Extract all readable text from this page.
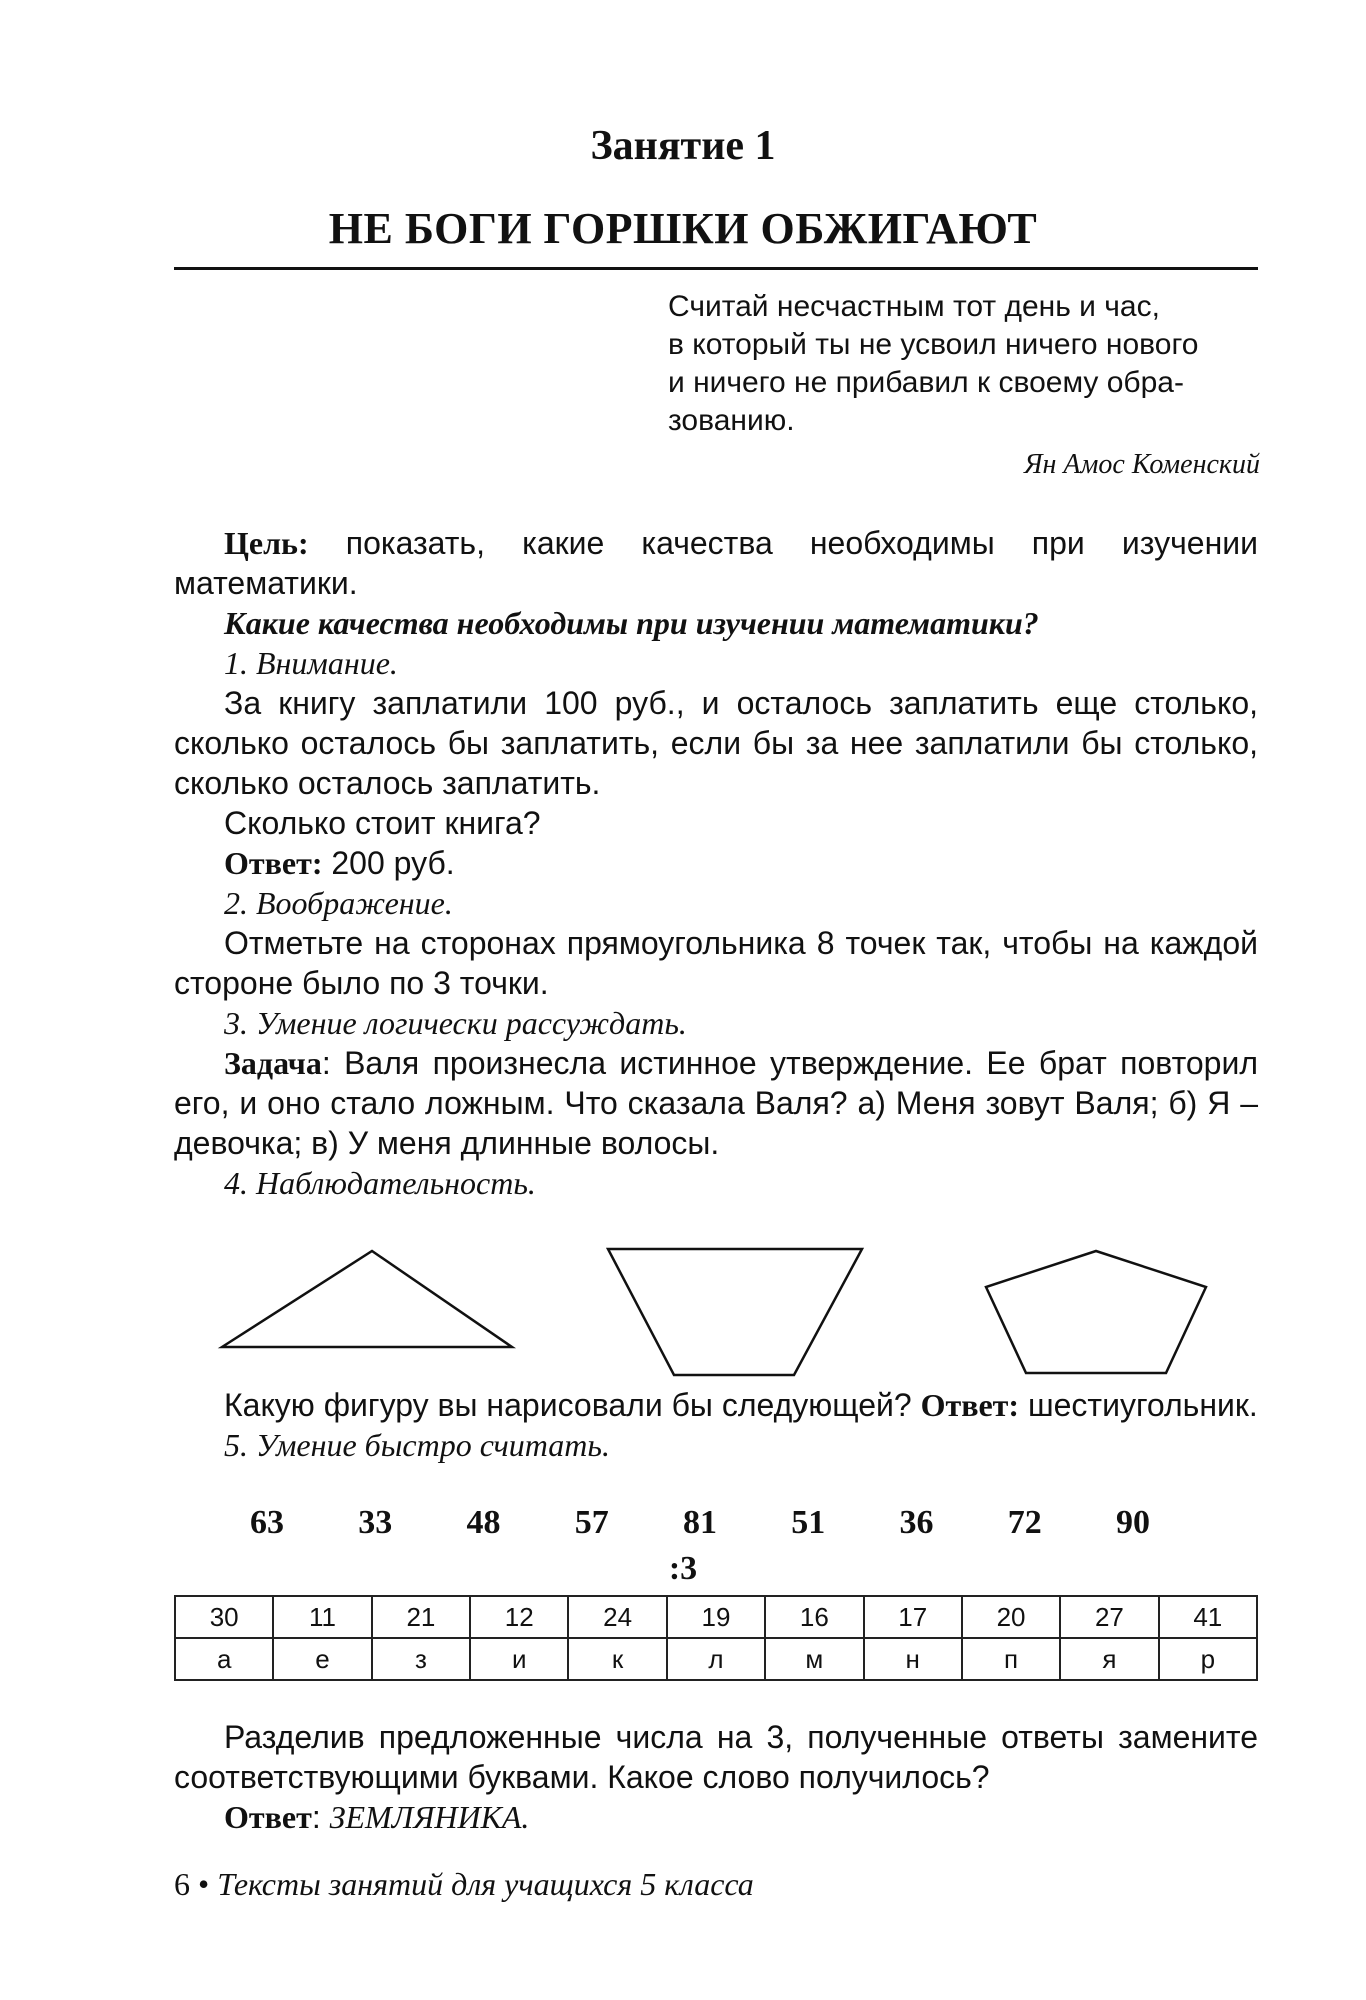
Занятие 1
НЕ БОГИ ГОРШКИ ОБЖИГАЮТ
Считай несчастным тот день и час,
в который ты не усвоил ничего нового
и ничего не прибавил к своему обра-
зованию.
Ян Амос Коменский

Цель: показать, какие качества необходимы при изучении математики.

Какие качества необходимы при изучении математики?

1. Внимание.

За книгу заплатили 100 руб., и осталось заплатить еще столько, сколько осталось бы заплатить, если бы за нее заплатили бы столько, сколько осталось заплатить.

Сколько стоит книга?

Ответ: 200 руб.

2. Воображение.

Отметьте на сторонах прямоугольника 8 точек так, чтобы на каждой стороне было по 3 точки.

3. Умение логически рассуждать.

Задача: Валя произнесла истинное утверждение. Ее брат повторил его, и оно стало ложным. Что сказала Валя? а) Меня зовут Валя; б) Я – девочка; в) У меня длинные волосы.

4. Наблюдательность.

Какую фигуру вы нарисовали бы следующей? Ответ: шестиугольник.

5. Умение быстро считать.

63 33 48 57 81 51 36 72 90
:3
30	11	21	12	24	19	16	17	20	27	41
а	е	з	и	к	л	м	н	п	я	р

Разделив предложенные числа на 3, полученные ответы замените соответствующими буквами. Какое слово получилось?

Ответ: ЗЕМЛЯНИКА.

6 • Тексты занятий для учащихся 5 класса
